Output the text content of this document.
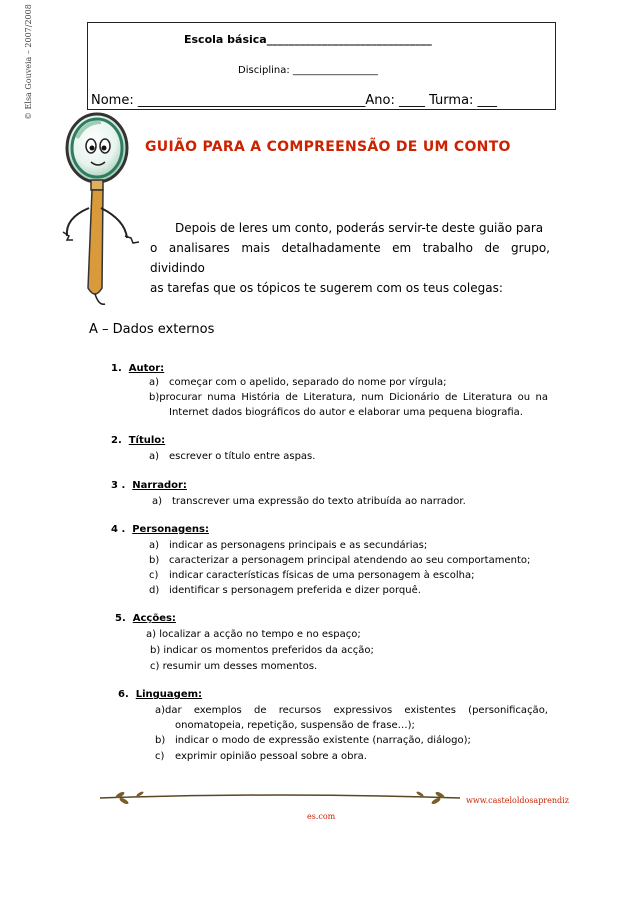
© Elsa Gouveia – 2007/2008	Escola básica______________________________
Disciplina: _________________
Nome: ___________________________________Ano: ____ Turma: ___
GUIÃO PARA A COMPREENSÃO DE UM CONTO
Depois de leres um conto, poderás servir-te deste guião para
o analisares mais detalhadamente em trabalho de grupo, dividindo
as tarefas que os tópicos te sugerem com os teus colegas:
A – Dados externos
1. Autor:
a) começar com o apelido, separado do nome por vírgula;
b)procurar numa História de Literatura, num Dicionário de Literatura ou na
Internet dados biográficos do autor e elaborar uma pequena biografia.
2. Título:
a) escrever o título entre aspas.
3 . Narrador:
a) transcrever uma expressão do texto atribuída ao narrador.
4 . Personagens:
a) indicar as personagens principais e as secundárias;
b) caracterizar a personagem principal atendendo ao seu comportamento;
c) indicar características físicas de uma personagem à escolha;
d) identificar s personagem preferida e dizer porquê.
5. Acções:
a) localizar a acção no tempo e no espaço;
b) indicar os momentos preferidos da acção;
c) resumir um desses momentos.
6. Linguagem:
a)dar exemplos de recursos expressivos existentes (personificação,
onomatopeia, repetição, suspensão de frase…);
b) indicar o modo de expressão existente (narração, diálogo);
c) exprimir opinião pessoal sobre a obra.
www.casteloldosaprendiz
es.com
